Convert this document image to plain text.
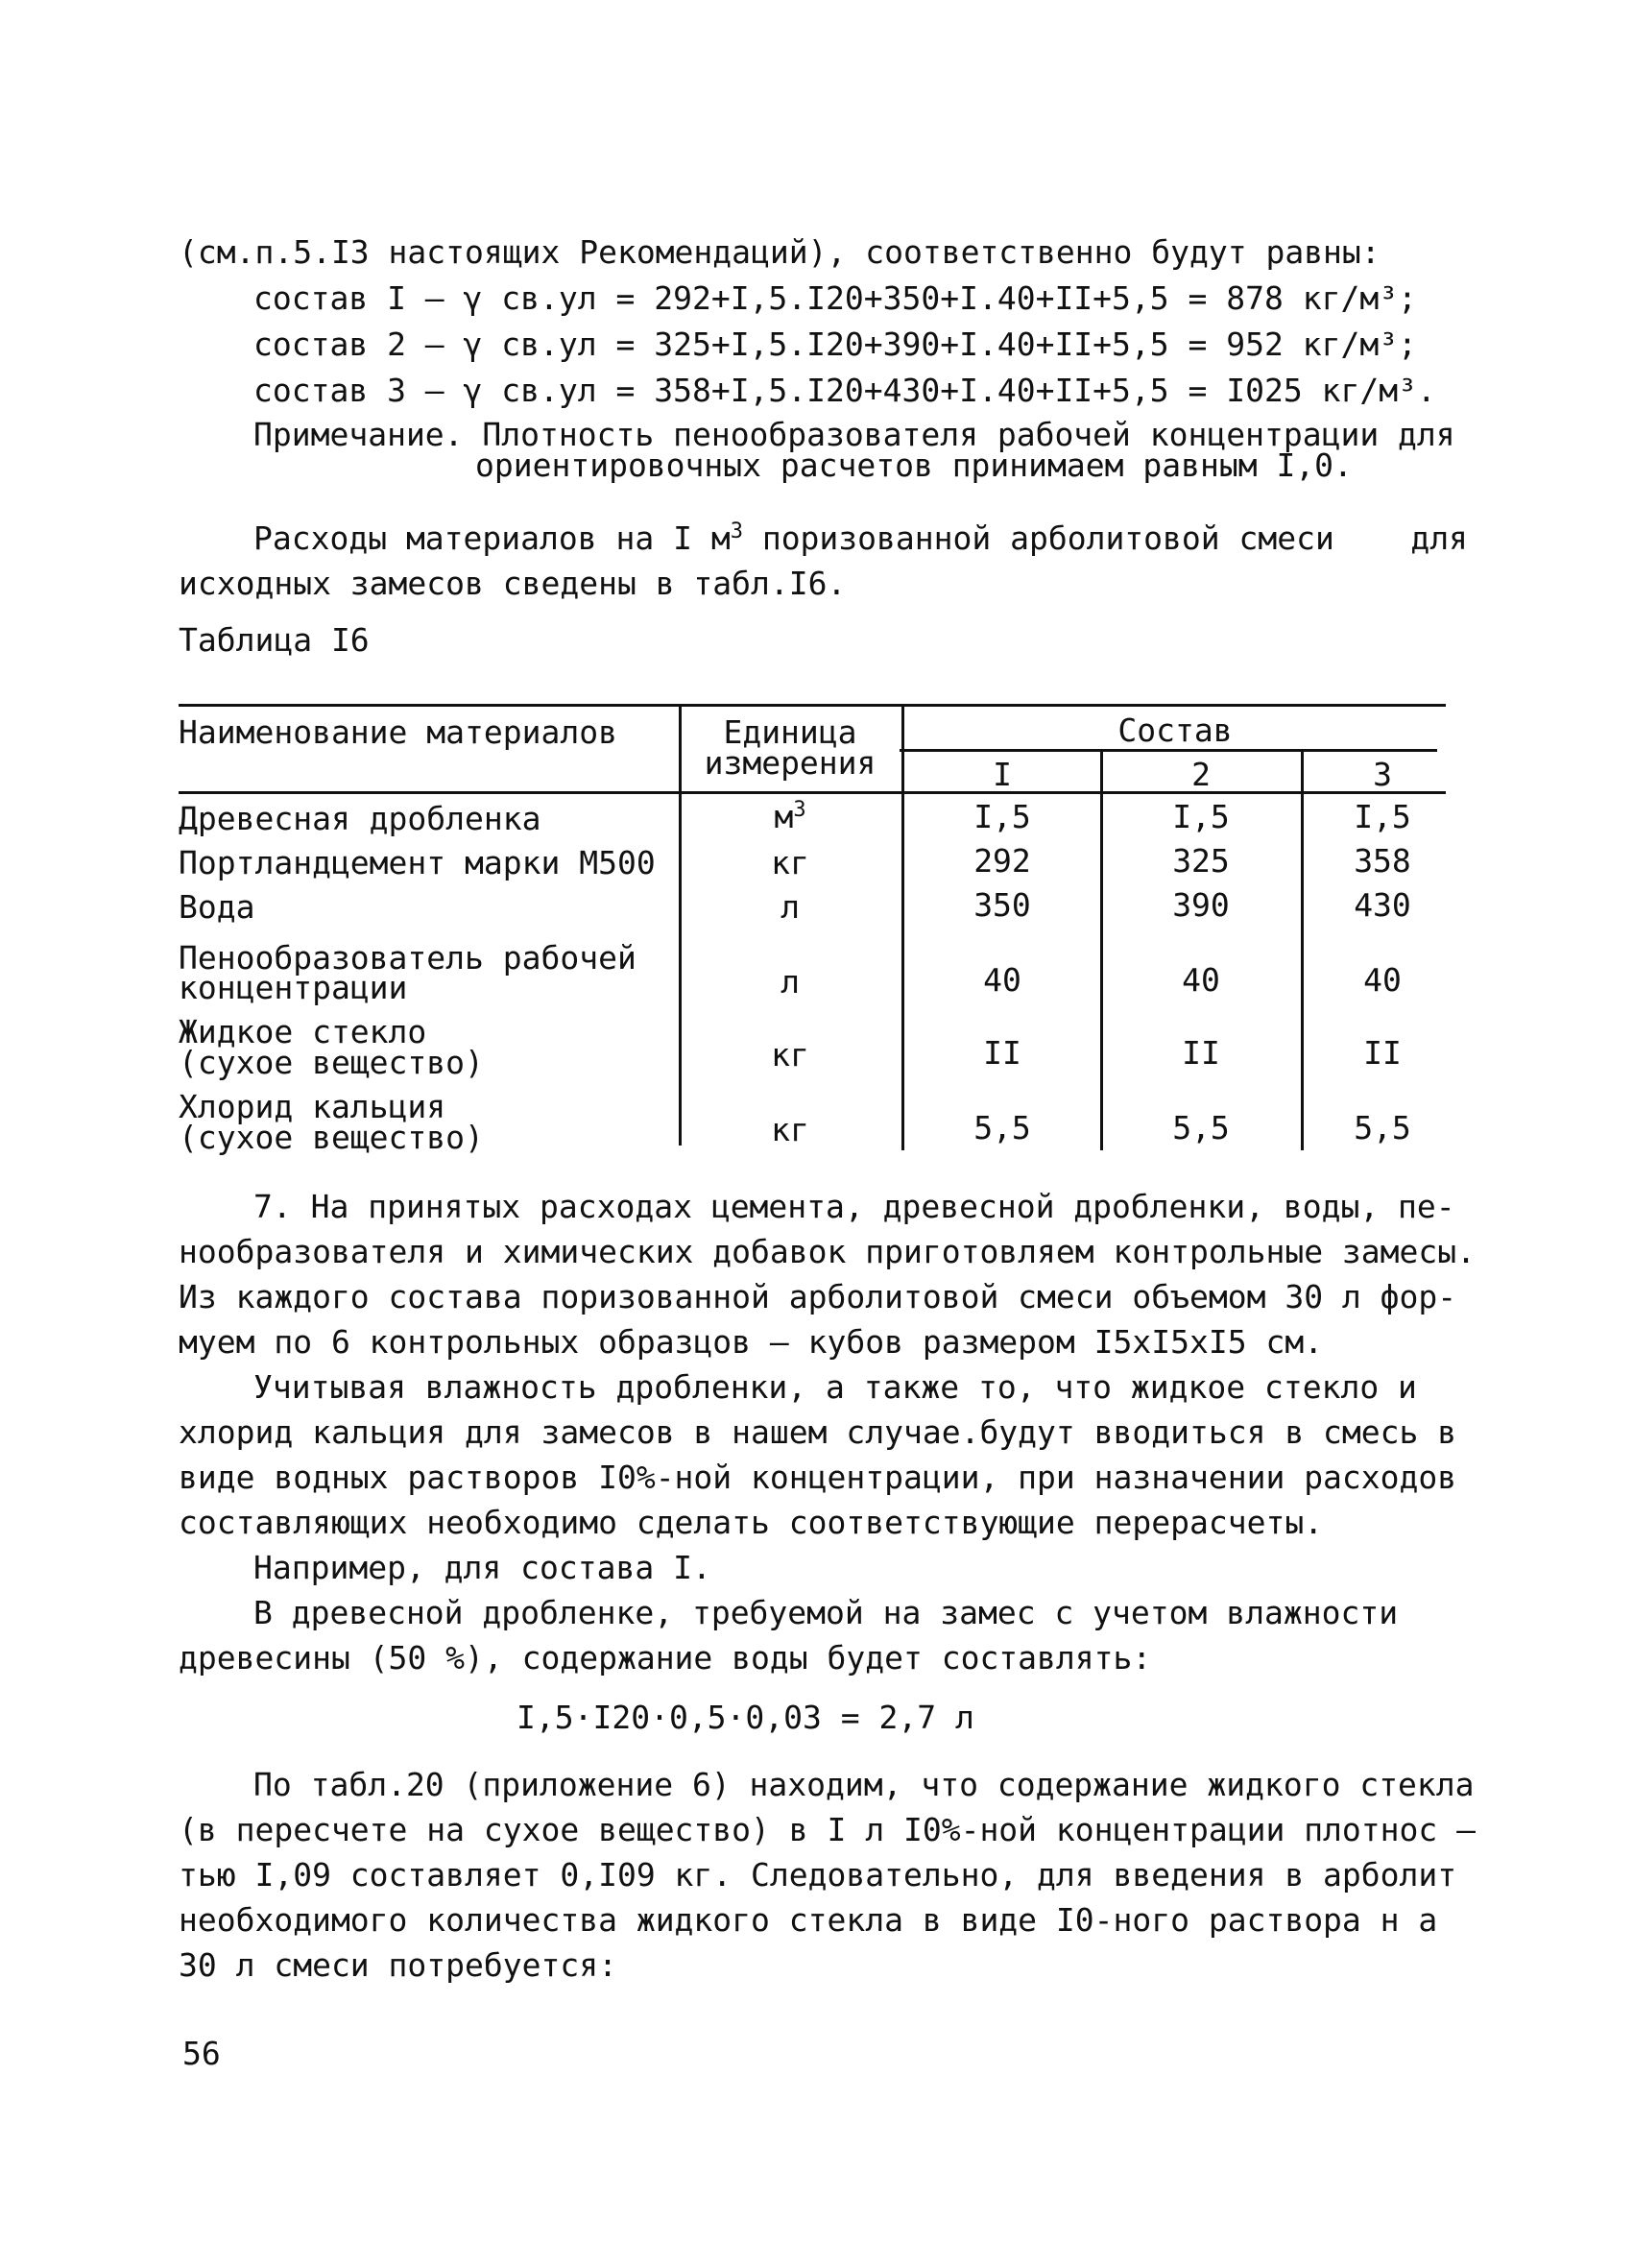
(см.п.5.I3 настоящих Рекомендаций), соответственно будут равны:
состав I – γ св.ул = 292+I,5.I20+350+I.40+II+5,5 = 878 кг/м³;
состав 2 – γ св.ул = 325+I,5.I20+390+I.40+II+5,5 = 952 кг/м³;
состав 3 – γ св.ул = 358+I,5.I20+430+I.40+II+5,5 = I025 кг/м³.
Примечание. Плотность пенообразователя рабочей концентрации для
ориентировочных расчетов принимаем равным I,0.
Расходы материалов на I $м^3$ поризованной арболитовой смеси    для
исходных замесов сведены в табл.I6.
Таблица I6
Наименование материалов	Единица
измерения
Состав
I	2	3
Древесная дробленка	$м^3$	I,5	I,5	I,5
Портландцемент марки М500	кг	292	325	358
Вода	л	350	390	430
Пенообразователь рабочей
концентрации	л	40	40	40
Жидкое стекло
(сухое вещество)	кг	II	II	II
Хлорид кальция
(сухое вещество)	кг	5,5	5,5	5,5
7. На принятых расходах цемента, древесной дробленки, воды, пе-
нообразователя и химических добавок приготовляем контрольные замесы.
Из каждого состава поризованной арболитовой смеси объемом 30 л фор-
муем по 6 контрольных образцов – кубов размером I5xI5xI5 см.
Учитывая влажность дробленки, а также то, что жидкое стекло и
хлорид кальция для замесов в нашем случае.будут вводиться в смесь в
виде водных растворов I0%-ной концентрации, при назначении расходов
составляющих необходимо сделать соответствующие перерасчеты.
Например, для состава I.
В древесной дробленке, требуемой на замес с учетом влажности
древесины (50 %), содержание воды будет составлять:
I,5·I20·0,5·0,03 = 2,7 л
По табл.20 (приложение 6) находим, что содержание жидкого стекла
(в пересчете на сухое вещество) в I л I0%-ной концентрации плотнос –
тью I,09 составляет 0,I09 кг. Следовательно, для введения в арболит
необходимого количества жидкого стекла в виде I0-ного раствора н а
30 л смеси потребуется:
56
